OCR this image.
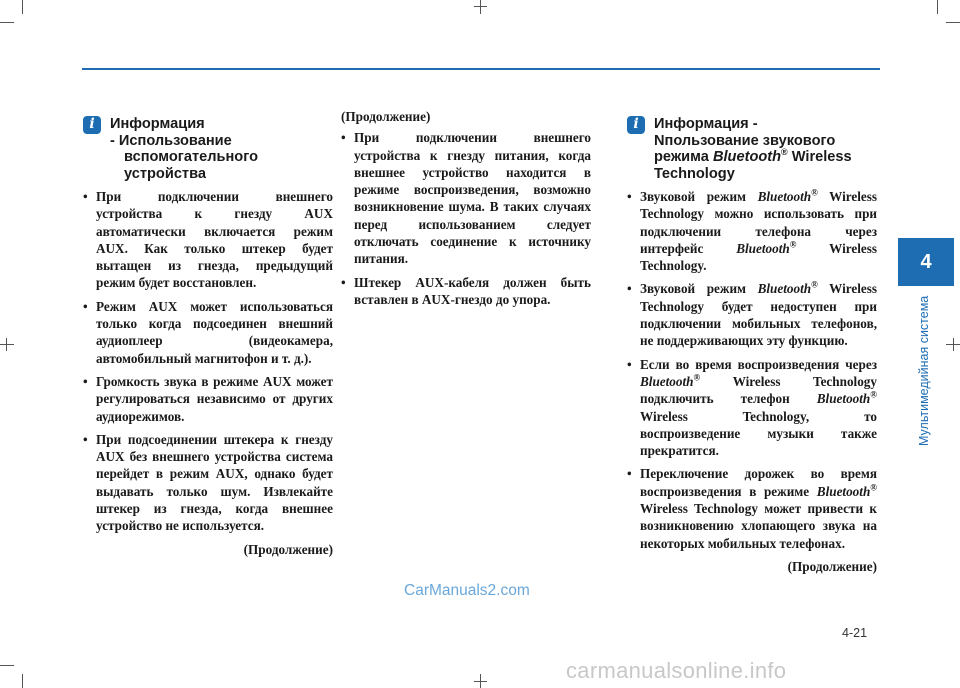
i	Информация
- Использование вспомогательного устройства
• При подключении внешнего устройства к гнезду AUX автоматически включается режим AUX. Как только штекер будет вытащен из гнезда, предыдущий режим будет восстановлен.
• Режим AUX может использоваться только когда подсоединен внешний аудиоплеер (видеокамера, автомобильный магнитофон и т. д.).
• Громкость звука в режиме AUX может регулироваться независимо от других аудиорежимов.
• При подсоединении штекера к гнезду AUX без внешнего устройства система перейдет в режим AUX, однако будет выдавать только шум. Извлекайте штекер из гнезда, когда внешнее устройство не используется.
(Продолжение)
(Продолжение)
• При подключении внешнего устройства к гнезду питания, когда внешнее устройство находится в режиме воспроизведения, возможно возникновение шума. В таких случаях перед использованием следует отключать соединение к источнику питания.
• Штекер AUX-кабеля должен быть вставлен в AUX-гнездо до упора.
i	Информация -
Nпользование звукового
режима Bluetooth® Wireless
Technology
• Звуковой режим Bluetooth® Wireless Technology можно использовать при подключении телефона через интерфейс Bluetooth® Wireless Technology.
• Звуковой режим Bluetooth® Wireless Technology будет недоступен при подключении мобильных телефонов, не поддерживающих эту функцию.
• Если во время воспроизведения через Bluetooth® Wireless Technology подключить телефон Bluetooth® Wireless Technology, то воспроизведение музыки также прекратится.
• Переключение дорожек во время воспроизведения в режиме Bluetooth® Wireless Technology может привести к возникновению хлопающего звука на некоторых мобильных телефонах.
(Продолжение)
4
Мультимедийная система
CarManuals2.com
4-21
carmanualsonline.info
